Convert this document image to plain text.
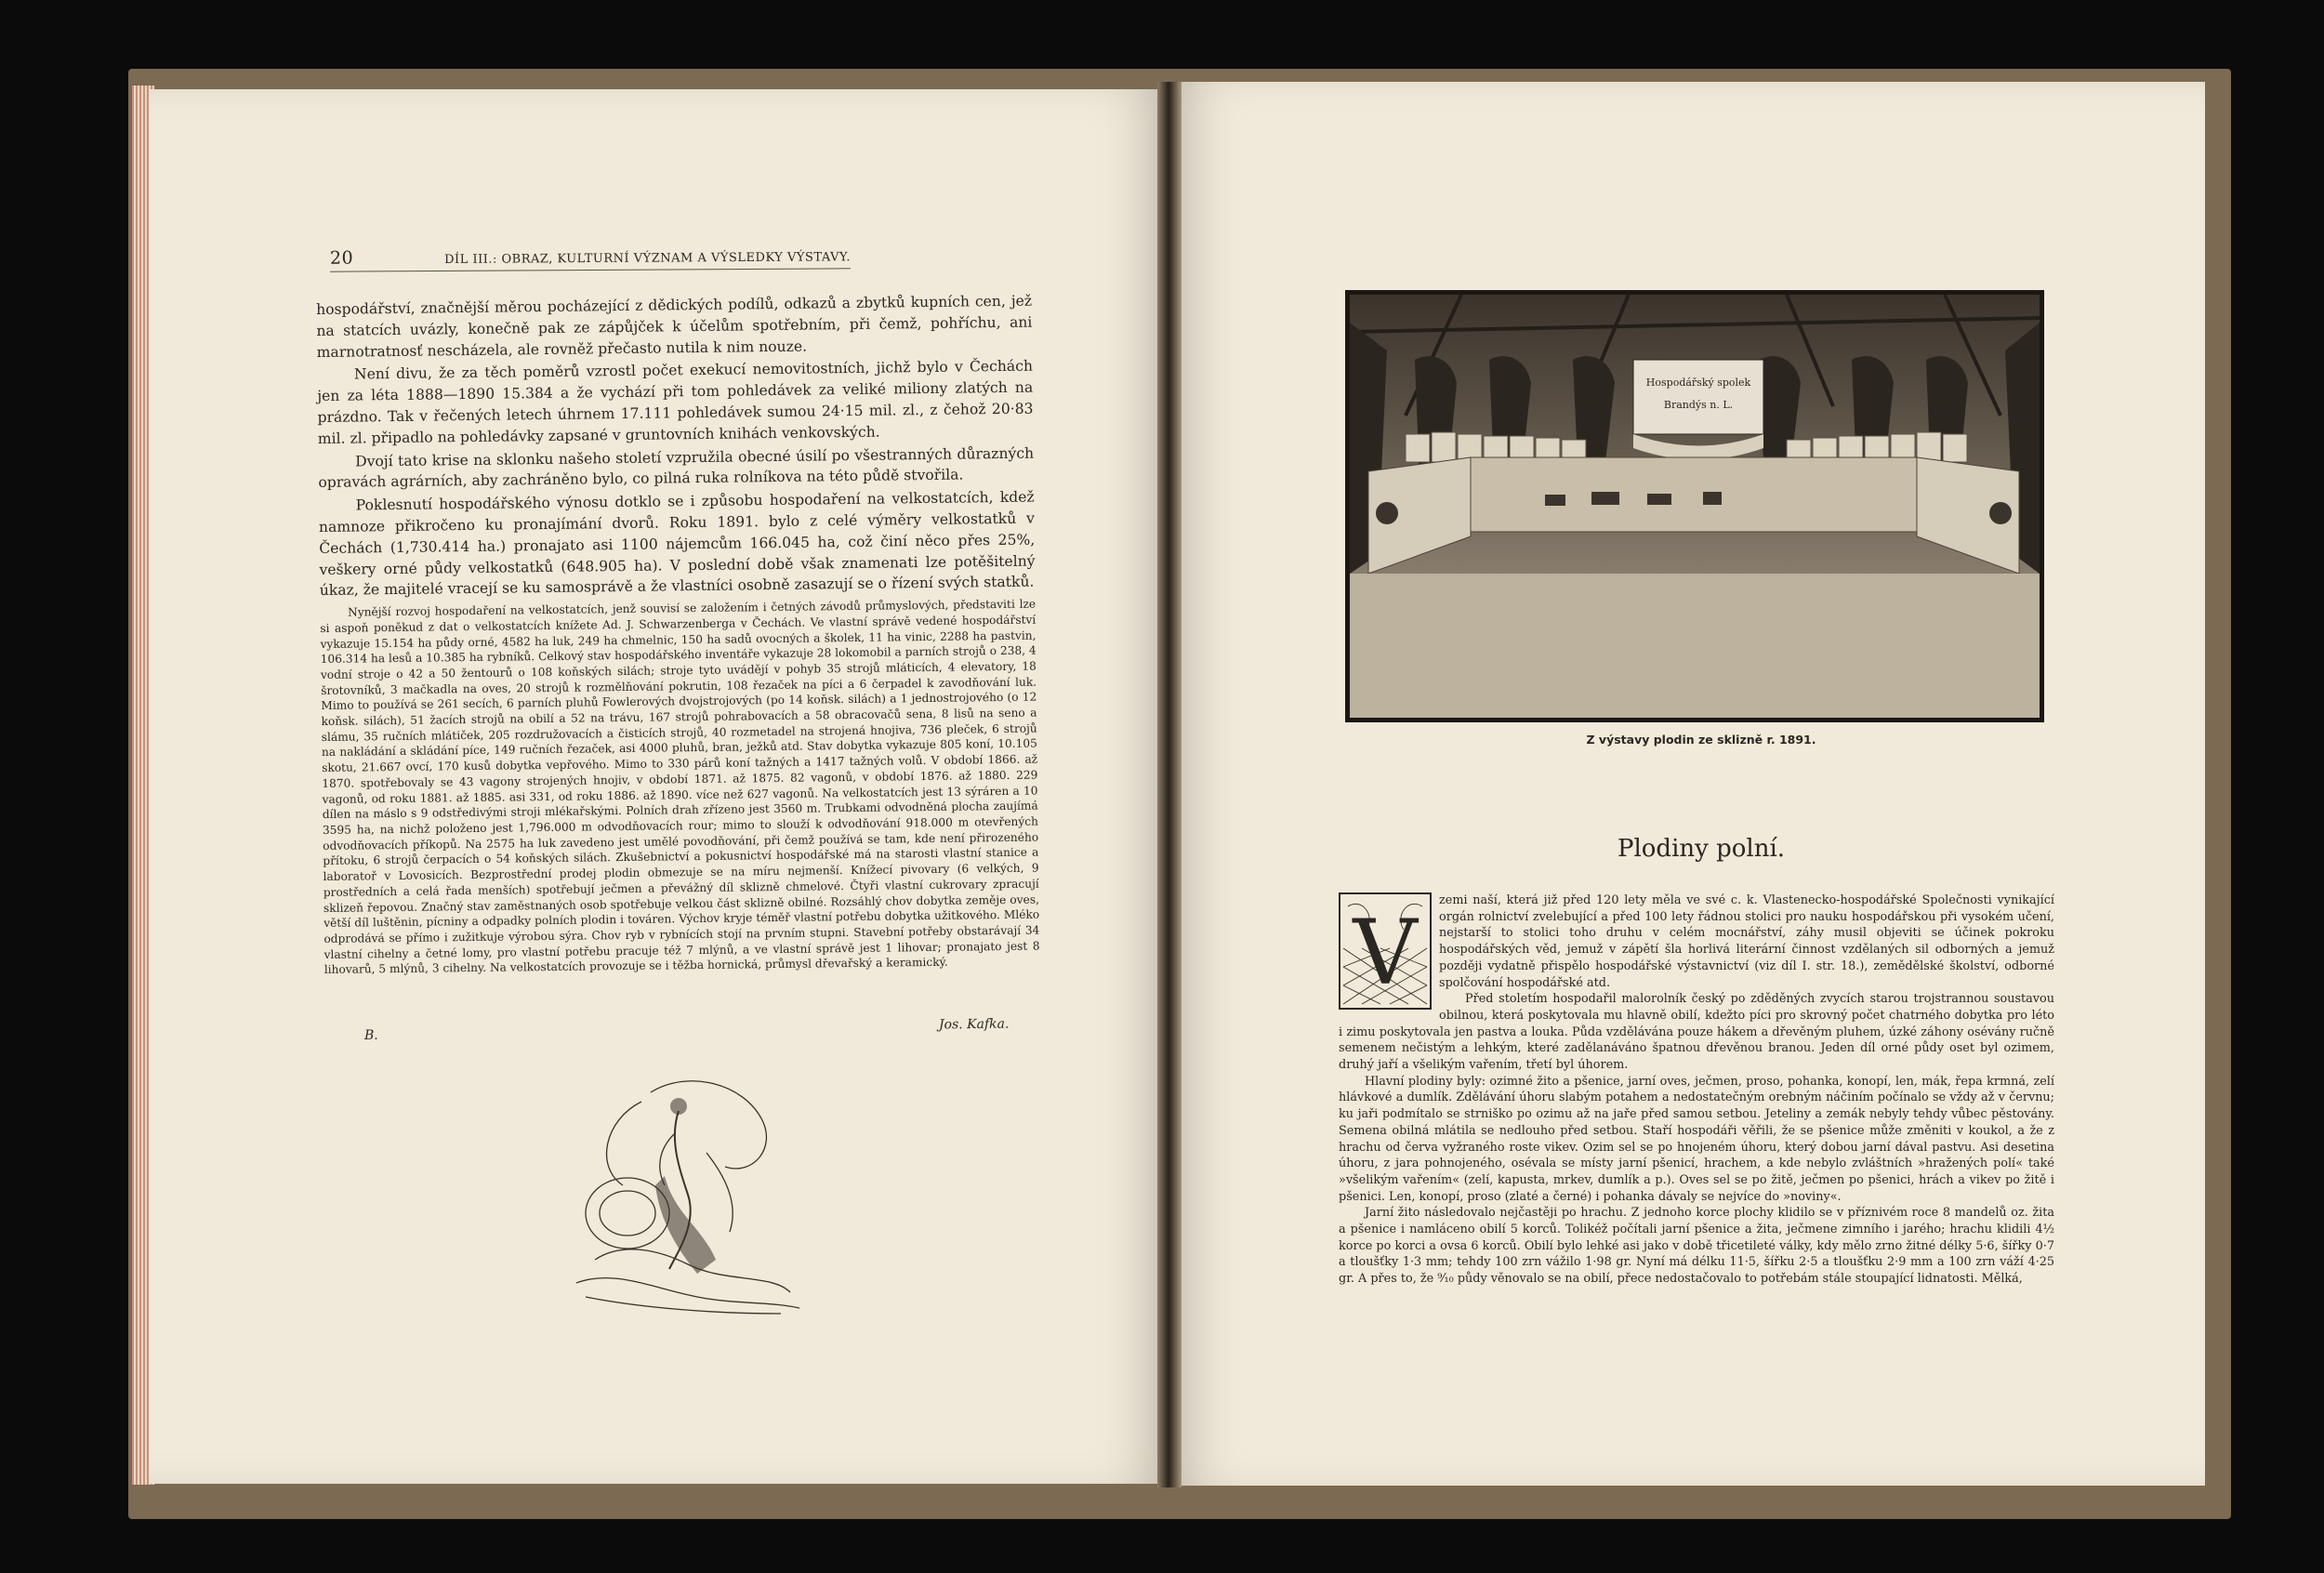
20	DÍL III.: OBRAZ, KULTURNÍ VÝZNAM A VÝSLEDKY VÝSTAVY.

hospodářství, značnější měrou pocházející z dědických podílů, odkazů a zbytků kupních cen, jež na statcích uvázly, konečně pak ze zápůjček k účelům spotřebním, při čemž, pohříchu, ani marnotratnosť nescházela, ale rovněž přečasto nutila k nim nouze.

Není divu, že za těch poměrů vzrostl počet exekucí nemovitostních, jichž bylo v Čechách jen za léta 1888—1890 15.384 a že vychází při tom pohledávek za veliké miliony zlatých na prázdno. Tak v řečených letech úhrnem 17.111 pohledávek sumou 24·15 mil. zl., z čehož 20·83 mil. zl. připadlo na pohledávky zapsané v gruntovních knihách venkovských.

Dvojí tato krise na sklonku našeho století vzpružila obecné úsilí po všestranných důrazných opravách agrárních, aby zachráněno bylo, co pilná ruka rolníkova na této půdě stvořila.

Poklesnutí hospodářského výnosu dotklo se i způsobu hospodaření na velkostatcích, kdež namnoze přikročeno ku pronajímání dvorů. Roku 1891. bylo z celé výměry velkostatků v Čechách (1,730.414 ha.) pronajato asi 1100 nájemcům 166.045 ha, což činí něco přes 25%, veškery orné půdy velkostatků (648.905 ha). V poslední době však znamenati lze potěšitelný úkaz, že majitelé vracejí se ku samosprávě a že vlastníci osobně zasazují se o řízení svých statků.

Nynější rozvoj hospodaření na velkostatcích, jenž souvisí se založením i četných závodů průmyslových, představiti lze si aspoň poněkud z dat o velkostatcích knížete Ad. J. Schwarzenberga v Čechách. Ve vlastní správě vedené hospodářství vykazuje 15.154 ha půdy orné, 4582 ha luk, 249 ha chmelnic, 150 ha sadů ovocných a školek, 11 ha vinic, 2288 ha pastvin, 106.314 ha lesů a 10.385 ha rybníků. Celkový stav hospodářského inventáře vykazuje 28 lokomobil a parních strojů o 238, 4 vodní stroje o 42 a 50 žentourů o 108 koňských silách; stroje tyto uvádějí v pohyb 35 strojů mláticích, 4 elevatory, 18 šrotovníků, 3 mačkadla na oves, 20 strojů k rozmělňování pokrutin, 108 řezaček na píci a 6 čerpadel k zavodňování luk. Mimo to používá se 261 secích, 6 parních pluhů Fowlerových dvojstrojových (po 14 koňsk. silách) a 1 jednostrojového (o 12 koňsk. silách), 51 žacích strojů na obilí a 52 na trávu, 167 strojů pohrabovacích a 58 obracovačů sena, 8 lisů na seno a slámu, 35 ručních mlátiček, 205 rozdružovacích a čisticích strojů, 40 rozmetadel na strojená hnojiva, 736 pleček, 6 strojů na nakládání a skládání píce, 149 ručních řezaček, asi 4000 pluhů, bran, ježků atd. Stav dobytka vykazuje 805 koní, 10.105 skotu, 21.667 ovcí, 170 kusů dobytka vepřového. Mimo to 330 párů koní tažných a 1417 tažných volů. V období 1866. až 1870. spotřebovaly se 43 vagony strojených hnojiv, v období 1871. až 1875. 82 vagonů, v období 1876. až 1880. 229 vagonů, od roku 1881. až 1885. asi 331, od roku 1886. až 1890. více než 627 vagonů. Na velkostatcích jest 13 sýráren a 10 dílen na máslo s 9 odstředivými stroji mlékařskými. Polních drah zřízeno jest 3560 m. Trubkami odvodněná plocha zaujímá 3595 ha, na nichž položeno jest 1,796.000 m odvodňovacích rour; mimo to slouží k odvodňování 918.000 m otevřených odvodňovacích příkopů. Na 2575 ha luk zavedeno jest umělé povodňování, při čemž používá se tam, kde není přirozeného přítoku, 6 strojů čerpacích o 54 koňských silách. Zkušebnictví a pokusnictví hospodářské má na starosti vlastní stanice a laboratoř v Lovosicích. Bezprostřední prodej plodin obmezuje se na míru nejmenší. Knížecí pivovary (6 velkých, 9 prostředních a celá řada menších) spotřebují ječmen a převážný díl sklizně chmelové. Čtyři vlastní cukrovary zpracují sklizeň řepovou. Značný stav zaměstnaných osob spotřebuje velkou část sklizně obilné. Rozsáhlý chov dobytka zeměje oves, větší díl luštěnin, pícniny a odpadky polních plodin i továren. Výchov kryje téměř vlastní potřebu dobytka užitkového. Mléko odprodává se přímo i zužitkuje výrobou sýra. Chov ryb v rybnících stojí na prvním stupni. Stavební potřeby obstarávají 34 vlastní cihelny a četné lomy, pro vlastní potřebu pracuje též 7 mlýnů, a ve vlastní správě jest 1 lihovar; pronajato jest 8 lihovarů, 5 mlýnů, 3 cihelny. Na velkostatcích provozuje se i těžba hornická, průmysl dřevařský a keramický.

Jos. Kafka.
B.
Hospodářský spolek
Brandýs n. L.
Z výstavy plodin ze sklizně r. 1891.
Plodiny polní.
V

zemi naší, která již před 120 lety měla ve své c. k. Vlastenecko-hospodářské Společnosti vynikající orgán rolnictví zvelebující a před 100 lety řádnou stolici pro nauku hospodářskou při vysokém učení, nejstarší to stolici toho druhu v celém mocnářství, záhy musil objeviti se účinek pokroku hospodářských věd, jemuž v zápětí šla horlivá literární činnost vzdělaných sil odborných a jemuž později vydatně přispělo hospodářské výstavnictví (viz díl I. str. 18.), zemědělské školství, odborné spolčování hospodářské atd.

Před stoletím hospodařil malorolník český po zděděných zvycích starou trojstrannou soustavou obilnou, která poskytovala mu hlavně obilí, kdežto píci pro skrovný počet chatrného dobytka pro léto i zimu poskytovala jen pastva a louka. Půda vzdělávána pouze hákem a dřevěným pluhem, úzké záhony osévány ručně semenem nečistým a lehkým, které zadělanáváno špatnou dřevěnou branou. Jeden díl orné půdy oset byl ozimem, druhý jaří a všelikým vařením, třetí byl úhorem.

Hlavní plodiny byly: ozimné žito a pšenice, jarní oves, ječmen, proso, pohanka, konopí, len, mák, řepa krmná, zelí hlávkové a dumlík. Zdělávání úhoru slabým potahem a nedostatečným orebným náčiním počínalo se vždy až v červnu; ku jaři podmítalo se strniško po ozimu až na jaře před samou setbou. Jeteliny a zemák nebyly tehdy vůbec pěstovány. Semena obilná mlátila se nedlouho před setbou. Staří hospodáři věřili, že se pšenice může změniti v koukol, a že z hrachu od červa vyžraného roste vikev. Ozim sel se po hnojeném úhoru, který dobou jarní dával pastvu. Asi desetina úhoru, z jara pohnojeného, osévala se místy jarní pšenicí, hrachem, a kde nebylo zvláštních »hražených polí« také »všelikým vařením« (zelí, kapusta, mrkev, dumlík a p.). Oves sel se po žitě, ječmen po pšenici, hrách a vikev po žitě i pšenici. Len, konopí, proso (zlaté a černé) i pohanka dávaly se nejvíce do »noviny«.

Jarní žito následovalo nejčastěji po hrachu. Z jednoho korce plochy klidilo se v příznivém roce 8 mandelů oz. žita a pšenice i namláceno obilí 5 korců. Tolikéž počítali jarní pšenice a žita, ječmene zimního i jarého; hrachu klidili 4½ korce po korci a ovsa 6 korců. Obilí bylo lehké asi jako v době třicetileté války, kdy mělo zrno žitné délky 5·6, šířky 0·7 a tloušťky 1·3 mm; tehdy 100 zrn vážilo 1·98 gr. Nyní má délku 11·5, šířku 2·5 a tloušťku 2·9 mm a 100 zrn váží 4·25 gr. A přes to, že ⁹⁄₁₀ půdy věnovalo se na obilí, přece nedostačovalo to potřebám stále stoupající lidnatosti. Mělká,
